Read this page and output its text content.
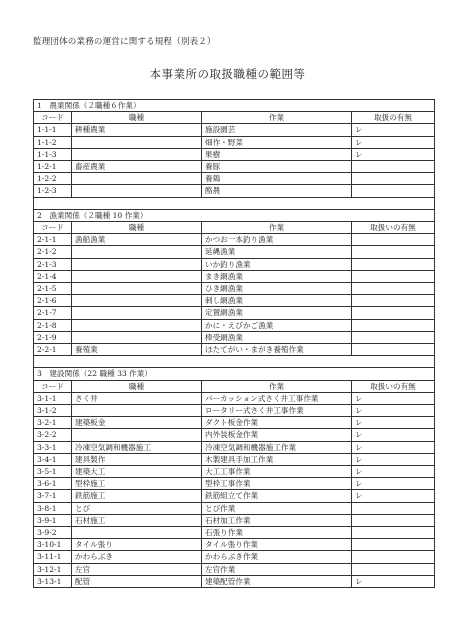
監理団体の業務の運営に関する規程（別表２）
本事業所の取扱職種の範囲等
1　農業関係（２職種６作業）			
コード	職種	作業	取扱の有無
1-1-1	耕種農業	施設園芸	レ
1-1-2		畑作・野菜	レ
1-1-3		果樹	レ
1-2-1	畜産農業	養豚	
1-2-2		養鶏	
1-2-3		酪農	

2　漁業関係（２職種 10 作業）			
コード	職種	作業	取扱いの有無
2-1-1	漁船漁業	かつお一本釣り漁業	
2-1-2		延縄漁業	
2-1-3		いか釣り漁業	
2-1-4		まき網漁業	
2-1-5		ひき網漁業	
2-1-6		刺し網漁業	
2-1-7		定置網漁業	
2-1-8		かに・えびかご漁業	
2-1-9		棒受網漁業	
2-2-1	養殖業	ほたてがい・まがき養殖作業	

3　建設関係（22 職種 33 作業）			
コード	職種	作業	取扱いの有無
3-1-1	さく井	パーカッション式さく井工事作業	レ
3-1-2		ロータリー式さく井工事作業	レ
3-2-1	建築板金	ダクト板金作業	レ
3-2-2		内外装板金作業	レ
3-3-1	冷凍空気調和機器施工	冷凍空気調和機器施工作業	レ
3-4-1	建具製作	木製建具手加工作業	レ
3-5-1	建築大工	大工工事作業	レ
3-6-1	型枠施工	型枠工事作業	レ
3-7-1	鉄筋施工	鉄筋組立て作業	レ
3-8-1	とび	とび作業	
3-9-1	石材施工	石材加工作業	
3-9-2		石張り作業	
3-10-1	タイル張り	タイル張り作業	
3-11-1	かわらぶき	かわらぶき作業	
3-12-1	左官	左官作業	
3-13-1	配管	建築配管作業	レ
